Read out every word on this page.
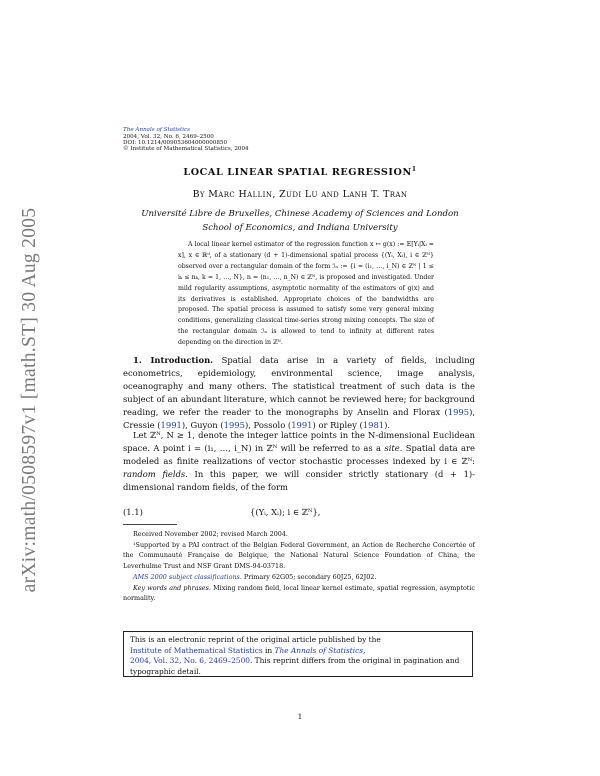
arXiv:math/0508597v1 [math.ST] 30 Aug 2005
The Annals of Statistics
2004, Vol. 32, No. 6, 2469–2500
DOI: 10.1214/009053604000000850
© Institute of Mathematical Statistics, 2004
LOCAL LINEAR SPATIAL REGRESSION$^1$
By Marc Hallin, Zudi Lu and Lanh T. Tran
Université Libre de Bruxelles, Chinese Academy of Sciences and London School of Economics, and Indiana University
A local linear kernel estimator of the regression function x ↦ g(x) := E[Yᵢ|Xᵢ = x], x ∈ ℝᵈ, of a stationary (d + 1)-dimensional spatial process {(Yᵢ, Xᵢ), i ∈ ℤᴺ} observed over a rectangular domain of the form ℐₙ := {i = (i₁, …, i_N) ∈ ℤᴺ | 1 ≤ iₖ ≤ nₖ, k = 1, …, N}, n = (n₁, …, n_N) ∈ ℤᴺ, is proposed and investigated. Under mild regularity assumptions, asymptotic normality of the estimators of g(x) and its derivatives is established. Appropriate choices of the bandwidths are proposed. The spatial process is assumed to satisfy some very general mixing conditions, generalizing classical time-series strong mixing concepts. The size of the rectangular domain ℐₙ is allowed to tend to infinity at different rates depending on the direction in ℤᴺ.
1. Introduction. Spatial data arise in a variety of fields, including econometrics, epidemiology, environmental science, image analysis, oceanography and many others. The statistical treatment of such data is the subject of an abundant literature, which cannot be reviewed here; for background reading, we refer the reader to the monographs by Anselin and Florax (1995), Cressie (1991), Guyon (1995), Possolo (1991) or Ripley (1981).
Let ℤᴺ, N ≥ 1, denote the integer lattice points in the N-dimensional Euclidean space. A point i = (i₁, …, i_N) in ℤᴺ will be referred to as a site. Spatial data are modeled as finite realizations of vector stochastic processes indexed by i ∈ ℤᴺ: random fields. In this paper, we will consider strictly stationary (d + 1)-dimensional random fields, of the form
(1.1)	{(Yᵢ, Xᵢ); i ∈ ℤᴺ},
Received November 2002; revised March 2004.
¹Supported by a PAI contract of the Belgian Federal Government, an Action de Recherche Concertée of the Communauté Française de Belgique, the National Natural Science Foundation of China, the Leverhulme Trust and NSF Grant DMS-94-03718.
AMS 2000 subject classifications. Primary 62G05; secondary 60J25, 62J02.
Key words and phrases. Mixing random field, local linear kernel estimate, spatial regression, asymptotic normality.
This is an electronic reprint of the original article published by the
Institute of Mathematical Statistics in The Annals of Statistics,
2004, Vol. 32, No. 6, 2469–2500. This reprint differs from the original in pagination and typographic detail.
1
